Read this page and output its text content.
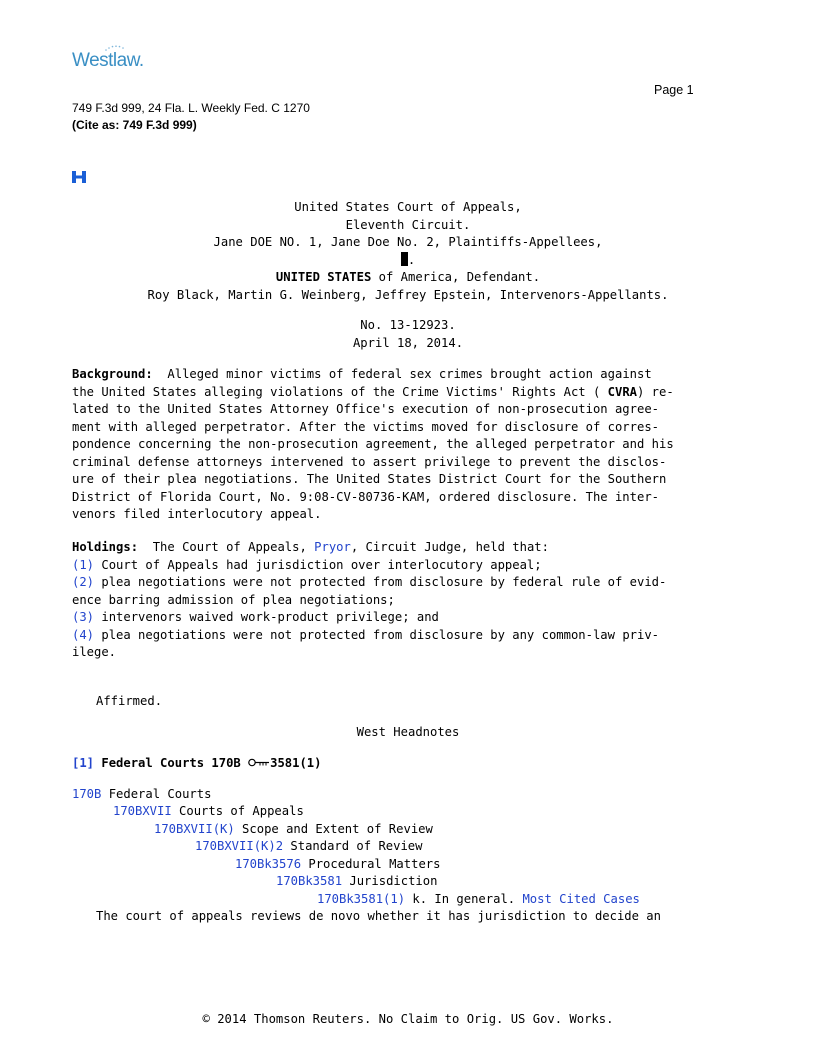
Westlaw.
Page 1
749 F.3d 999, 24 Fla. L. Weekly Fed. C 1270
(Cite as: 749 F.3d 999)
United States Court of Appeals,
Eleventh Circuit.
Jane DOE NO. 1, Jane Doe No. 2, Plaintiffs-Appellees,
.
UNITED STATES of America, Defendant.
Roy Black, Martin G. Weinberg, Jeffrey Epstein, Intervenors-Appellants.
No. 13-12923.
April 18, 2014.
Background:  Alleged minor victims of federal sex crimes brought action against
the United States alleging violations of the Crime Victims' Rights Act ( CVRA) re-
lated to the United States Attorney Office's execution of non-prosecution agree-
ment with alleged perpetrator. After the victims moved for disclosure of corres-
pondence concerning the non-prosecution agreement, the alleged perpetrator and his
criminal defense attorneys intervened to assert privilege to prevent the disclos-
ure of their plea negotiations. The United States District Court for the Southern
District of Florida Court, No. 9:08-CV-80736-KAM, ordered disclosure. The inter-
venors filed interlocutory appeal.
Holdings:  The Court of Appeals, Pryor, Circuit Judge, held that:
(1) Court of Appeals had jurisdiction over interlocutory appeal;
(2) plea negotiations were not protected from disclosure by federal rule of evid-
ence barring admission of plea negotiations;
(3) intervenors waived work-product privilege; and
(4) plea negotiations were not protected from disclosure by any common-law priv-
ilege.
Affirmed.
West Headnotes
[1] Federal Courts 170B 3581(1)
170B Federal Courts
170BXVII Courts of Appeals
170BXVII(K) Scope and Extent of Review
170BXVII(K)2 Standard of Review
170Bk3576 Procedural Matters
170Bk3581 Jurisdiction
170Bk3581(1) k. In general. Most Cited Cases
The court of appeals reviews de novo whether it has jurisdiction to decide an
© 2014 Thomson Reuters. No Claim to Orig. US Gov. Works.
